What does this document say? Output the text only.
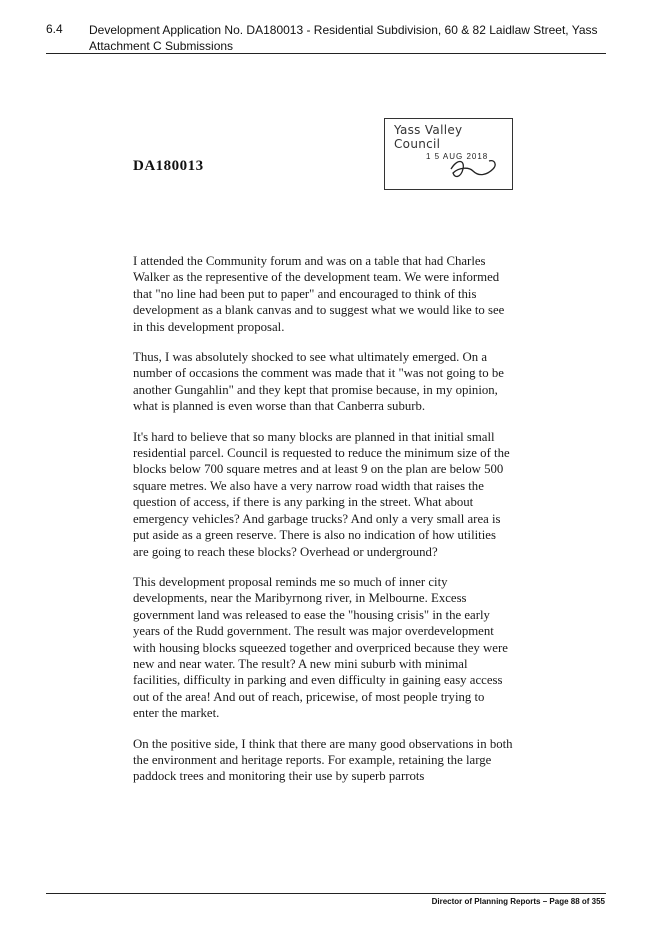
6.4 Development Application No. DA180013 - Residential Subdivision, 60 & 82 Laidlaw Street, Yass Attachment C Submissions
DA180013
Yass Valley Council
1 5 AUG 2018

I attended the Community forum and was on a table that had Charles Walker as the representive of the development team. We were informed that "no line had been put to paper" and encouraged to think of this development as a blank canvas and to suggest what we would like to see in this development proposal.

Thus, I was absolutely shocked to see what ultimately emerged. On a number of occasions the comment was made that it "was not going to be another Gungahlin" and they kept that promise because, in my opinion, what is planned is even worse than that Canberra suburb.

It's hard to believe that so many blocks are planned in that initial small residential parcel. Council is requested to reduce the minimum size of the blocks below 700 square metres and at least 9 on the plan are below 500 square metres. We also have a very narrow road width that raises the question of access, if there is any parking in the street. What about emergency vehicles? And garbage trucks? And only a very small area is put aside as a green reserve. There is also no indication of how utilities are going to reach these blocks? Overhead or underground?

This development proposal reminds me so much of inner city developments, near the Maribyrnong river, in Melbourne. Excess government land was released to ease the "housing crisis" in the early years of the Rudd government. The result was major overdevelopment with housing blocks squeezed together and overpriced because they were new and near water. The result? A new mini suburb with minimal facilities, difficulty in parking and even difficulty in gaining easy access out of the area! And out of reach, pricewise, of most people trying to enter the market.

On the positive side, I think that there are many good observations in both the environment and heritage reports. For example, retaining the large paddock trees and monitoring their use by superb parrots

Director of Planning Reports – Page 88 of 355
